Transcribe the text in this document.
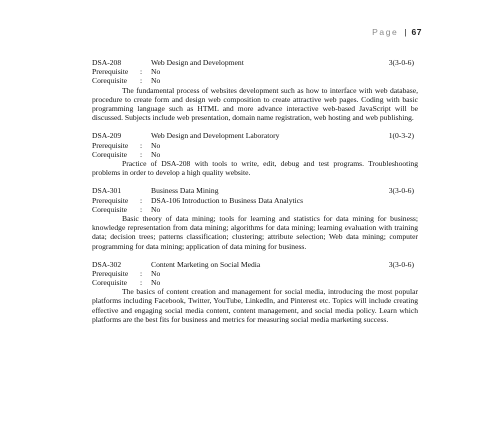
Page | 67
DSA-208	Web Design and Development	3(3-0-6)
Prerequisite : No
Corequisite : No

The fundamental process of websites development such as how to interface with web database, procedure to create form and design web composition to create attractive web pages. Coding with basic programming language such as HTML and more advance interactive web-based JavaScript will be discussed. Subjects include web presentation, domain name registration, web hosting and web publishing.

DSA-209	Web Design and Development Laboratory	1(0-3-2)
Prerequisite : No
Corequisite : No

Practice of DSA-208 with tools to write, edit, debug and test programs. Troubleshooting problems in order to develop a high quality website.

DSA-301	Business Data Mining	3(3-0-6)
Prerequisite : DSA-106 Introduction to Business Data Analytics
Corequisite : No

Basic theory of data mining; tools for learning and statistics for data mining for business; knowledge representation from data mining; algorithms for data mining; learning evaluation with training data; decision trees; patterns classification; clustering; attribute selection; Web data mining; computer programming for data mining; application of data mining for business.

DSA-302	Content Marketing on Social Media	3(3-0-6)
Prerequisite : No
Corequisite : No

The basics of content creation and management for social media, introducing the most popular platforms including Facebook, Twitter, YouTube, LinkedIn, and Pinterest etc. Topics will include creating effective and engaging social media content, content management, and social media policy. Learn which platforms are the best fits for business and metrics for measuring social media marketing success.
